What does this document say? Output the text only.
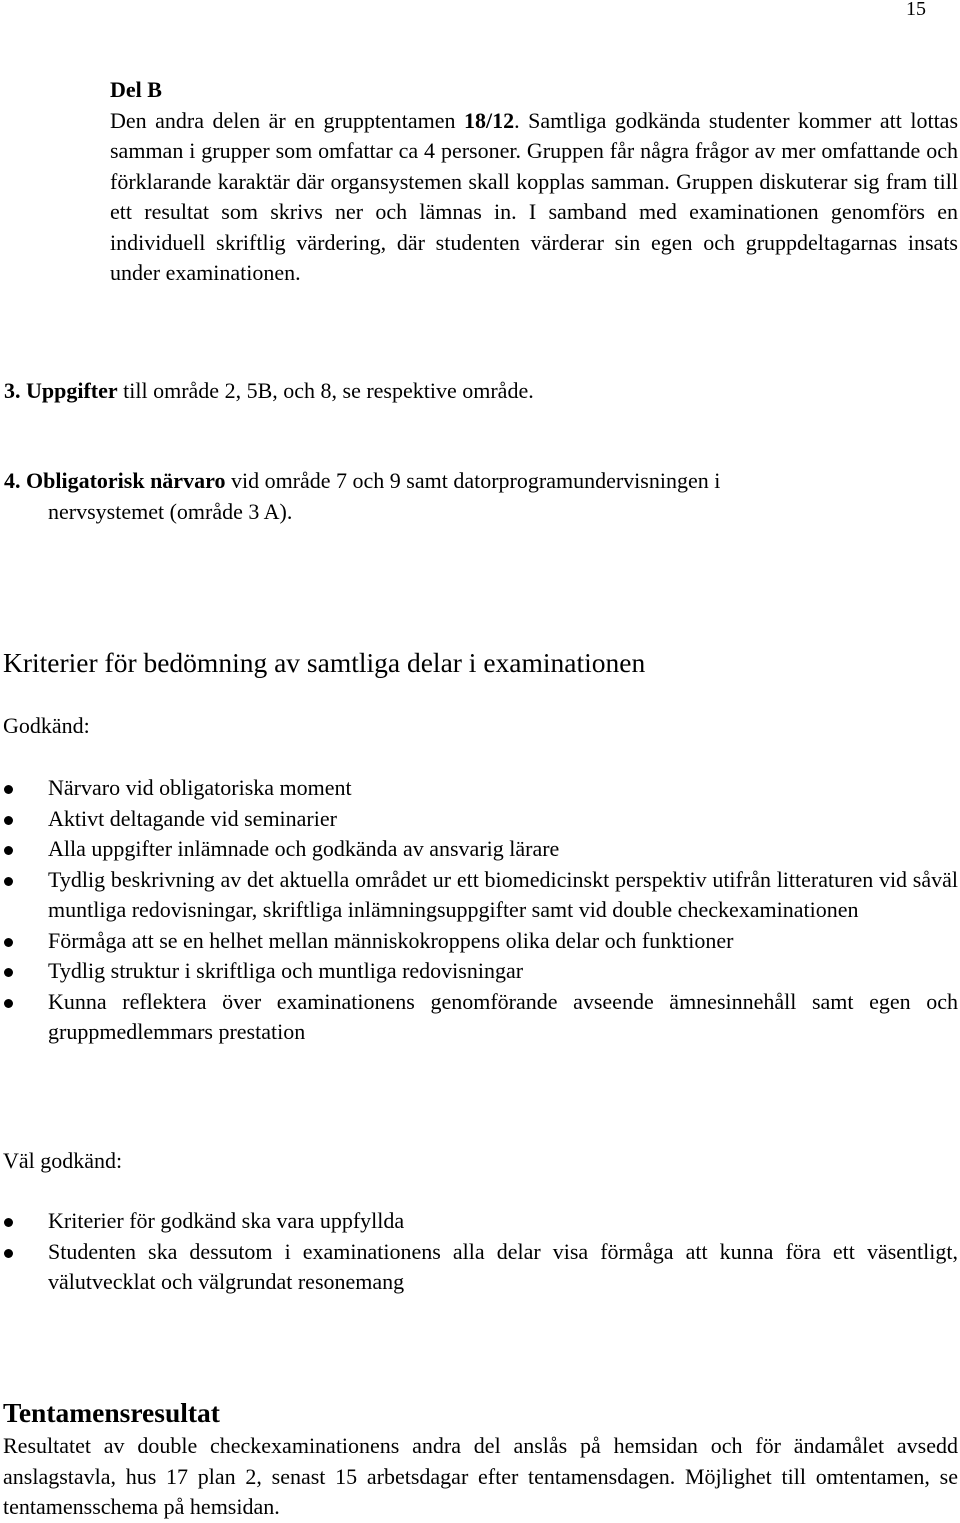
15
Del B
Den andra delen är en grupptentamen 18/12. Samtliga godkända studenter kommer att lottas samman i grupper som omfattar ca 4 personer. Gruppen får några frågor av mer omfattande och förklarande karaktär där organsystemen skall kopplas samman. Gruppen diskuterar sig fram till ett resultat som skrivs ner och lämnas in. I samband med examinationen genomförs en individuell skriftlig värdering, där studenten värderar sin egen och gruppdeltagarnas insats under examinationen.
3. Uppgifter till område 2, 5B, och 8, se respektive område.
4. Obligatorisk närvaro vid område 7 och 9 samt datorprogramundervisningen i
nervsystemet (område 3 A).
Kriterier för bedömning av samtliga delar i examinationen
Godkänd:
Närvaro vid obligatoriska moment
Aktivt deltagande vid seminarier
Alla uppgifter inlämnade och godkända av ansvarig lärare
Tydlig beskrivning av det aktuella området ur ett biomedicinskt perspektiv utifrån litteraturen vid såväl muntliga redovisningar, skriftliga inlämningsuppgifter samt vid double checkexaminationen
Förmåga att se en helhet mellan människokroppens olika delar och funktioner
Tydlig struktur i skriftliga och muntliga redovisningar
Kunna reflektera över examinationens genomförande avseende ämnesinnehåll samt egen och gruppmedlemmars prestation
Väl godkänd:
Kriterier för godkänd ska vara uppfyllda
Studenten ska dessutom i examinationens alla delar visa förmåga att kunna föra ett väsentligt, välutvecklat och välgrundat resonemang
Tentamensresultat
Resultatet av double checkexaminationens andra del anslås på hemsidan och för ändamålet avsedd anslagstavla, hus 17 plan 2, senast 15 arbetsdagar efter tentamensdagen. Möjlighet till omtentamen, se tentamensschema på hemsidan.
